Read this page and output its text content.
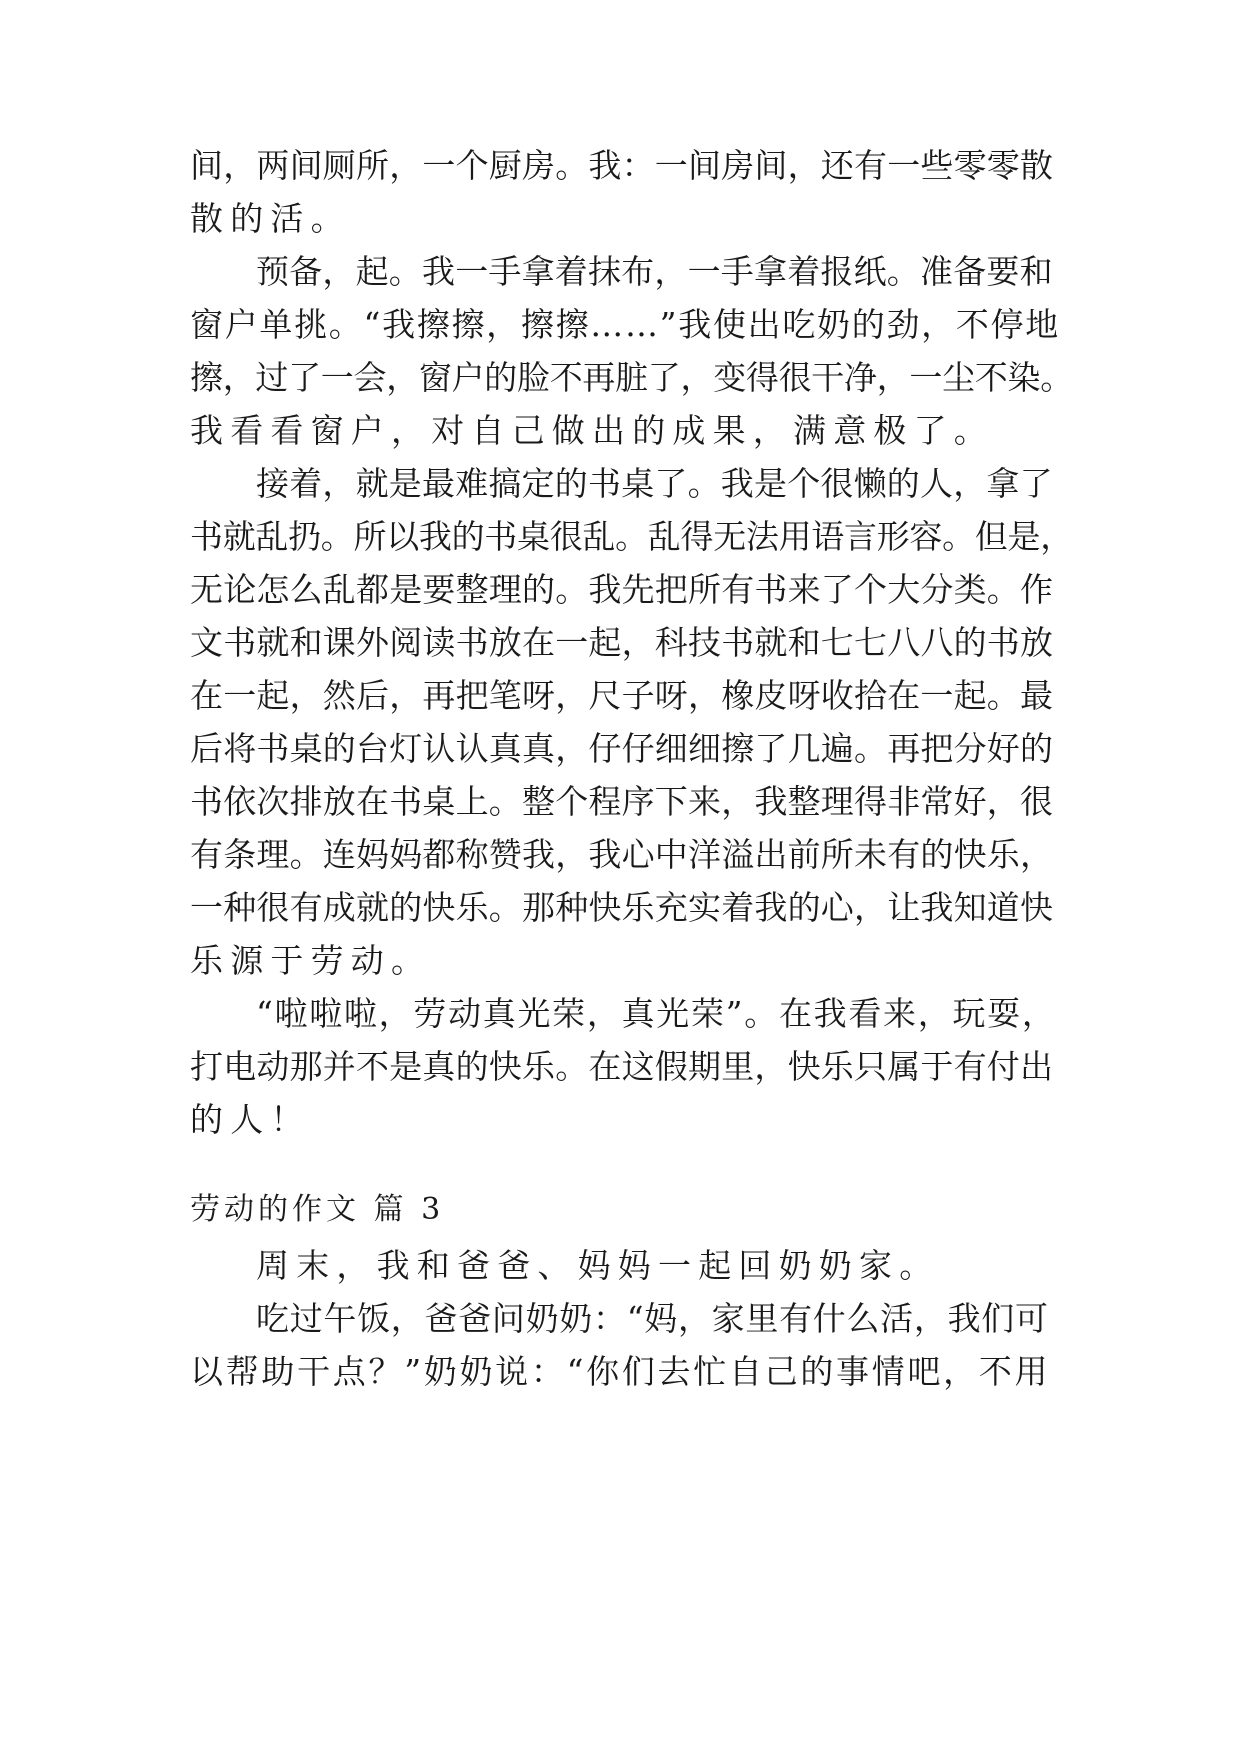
间，两间厕所，一个厨房。我：一间房间，还有一些零零散
散的活。
预备，起。我一手拿着抹布，一手拿着报纸。准备要和
窗户单挑。“我擦擦，擦擦……”我使出吃奶的劲，不停地
擦，过了一会，窗户的脸不再脏了，变得很干净，一尘不染。
我看看窗户，对自己做出的成果，满意极了。
接着，就是最难搞定的书桌了。我是个很懒的人，拿了
书就乱扔。所以我的书桌很乱。乱得无法用语言形容。但是，
无论怎么乱都是要整理的。我先把所有书来了个大分类。作
文书就和课外阅读书放在一起，科技书就和七七八八的书放
在一起，然后，再把笔呀，尺子呀，橡皮呀收拾在一起。最
后将书桌的台灯认认真真，仔仔细细擦了几遍。再把分好的
书依次排放在书桌上。整个程序下来，我整理得非常好，很
有条理。连妈妈都称赞我，我心中洋溢出前所未有的快乐，
一种很有成就的快乐。那种快乐充实着我的心，让我知道快
乐源于劳动。
“啦啦啦，劳动真光荣，真光荣”。在我看来，玩耍，
打电动那并不是真的快乐。在这假期里，快乐只属于有付出
的人！
劳动的作文 篇 3
周末，我和爸爸、妈妈一起回奶奶家。
吃过午饭，爸爸问奶奶：“妈，家里有什么活，我们可
以帮助干点？”奶奶说：“你们去忙自己的事情吧，不用
